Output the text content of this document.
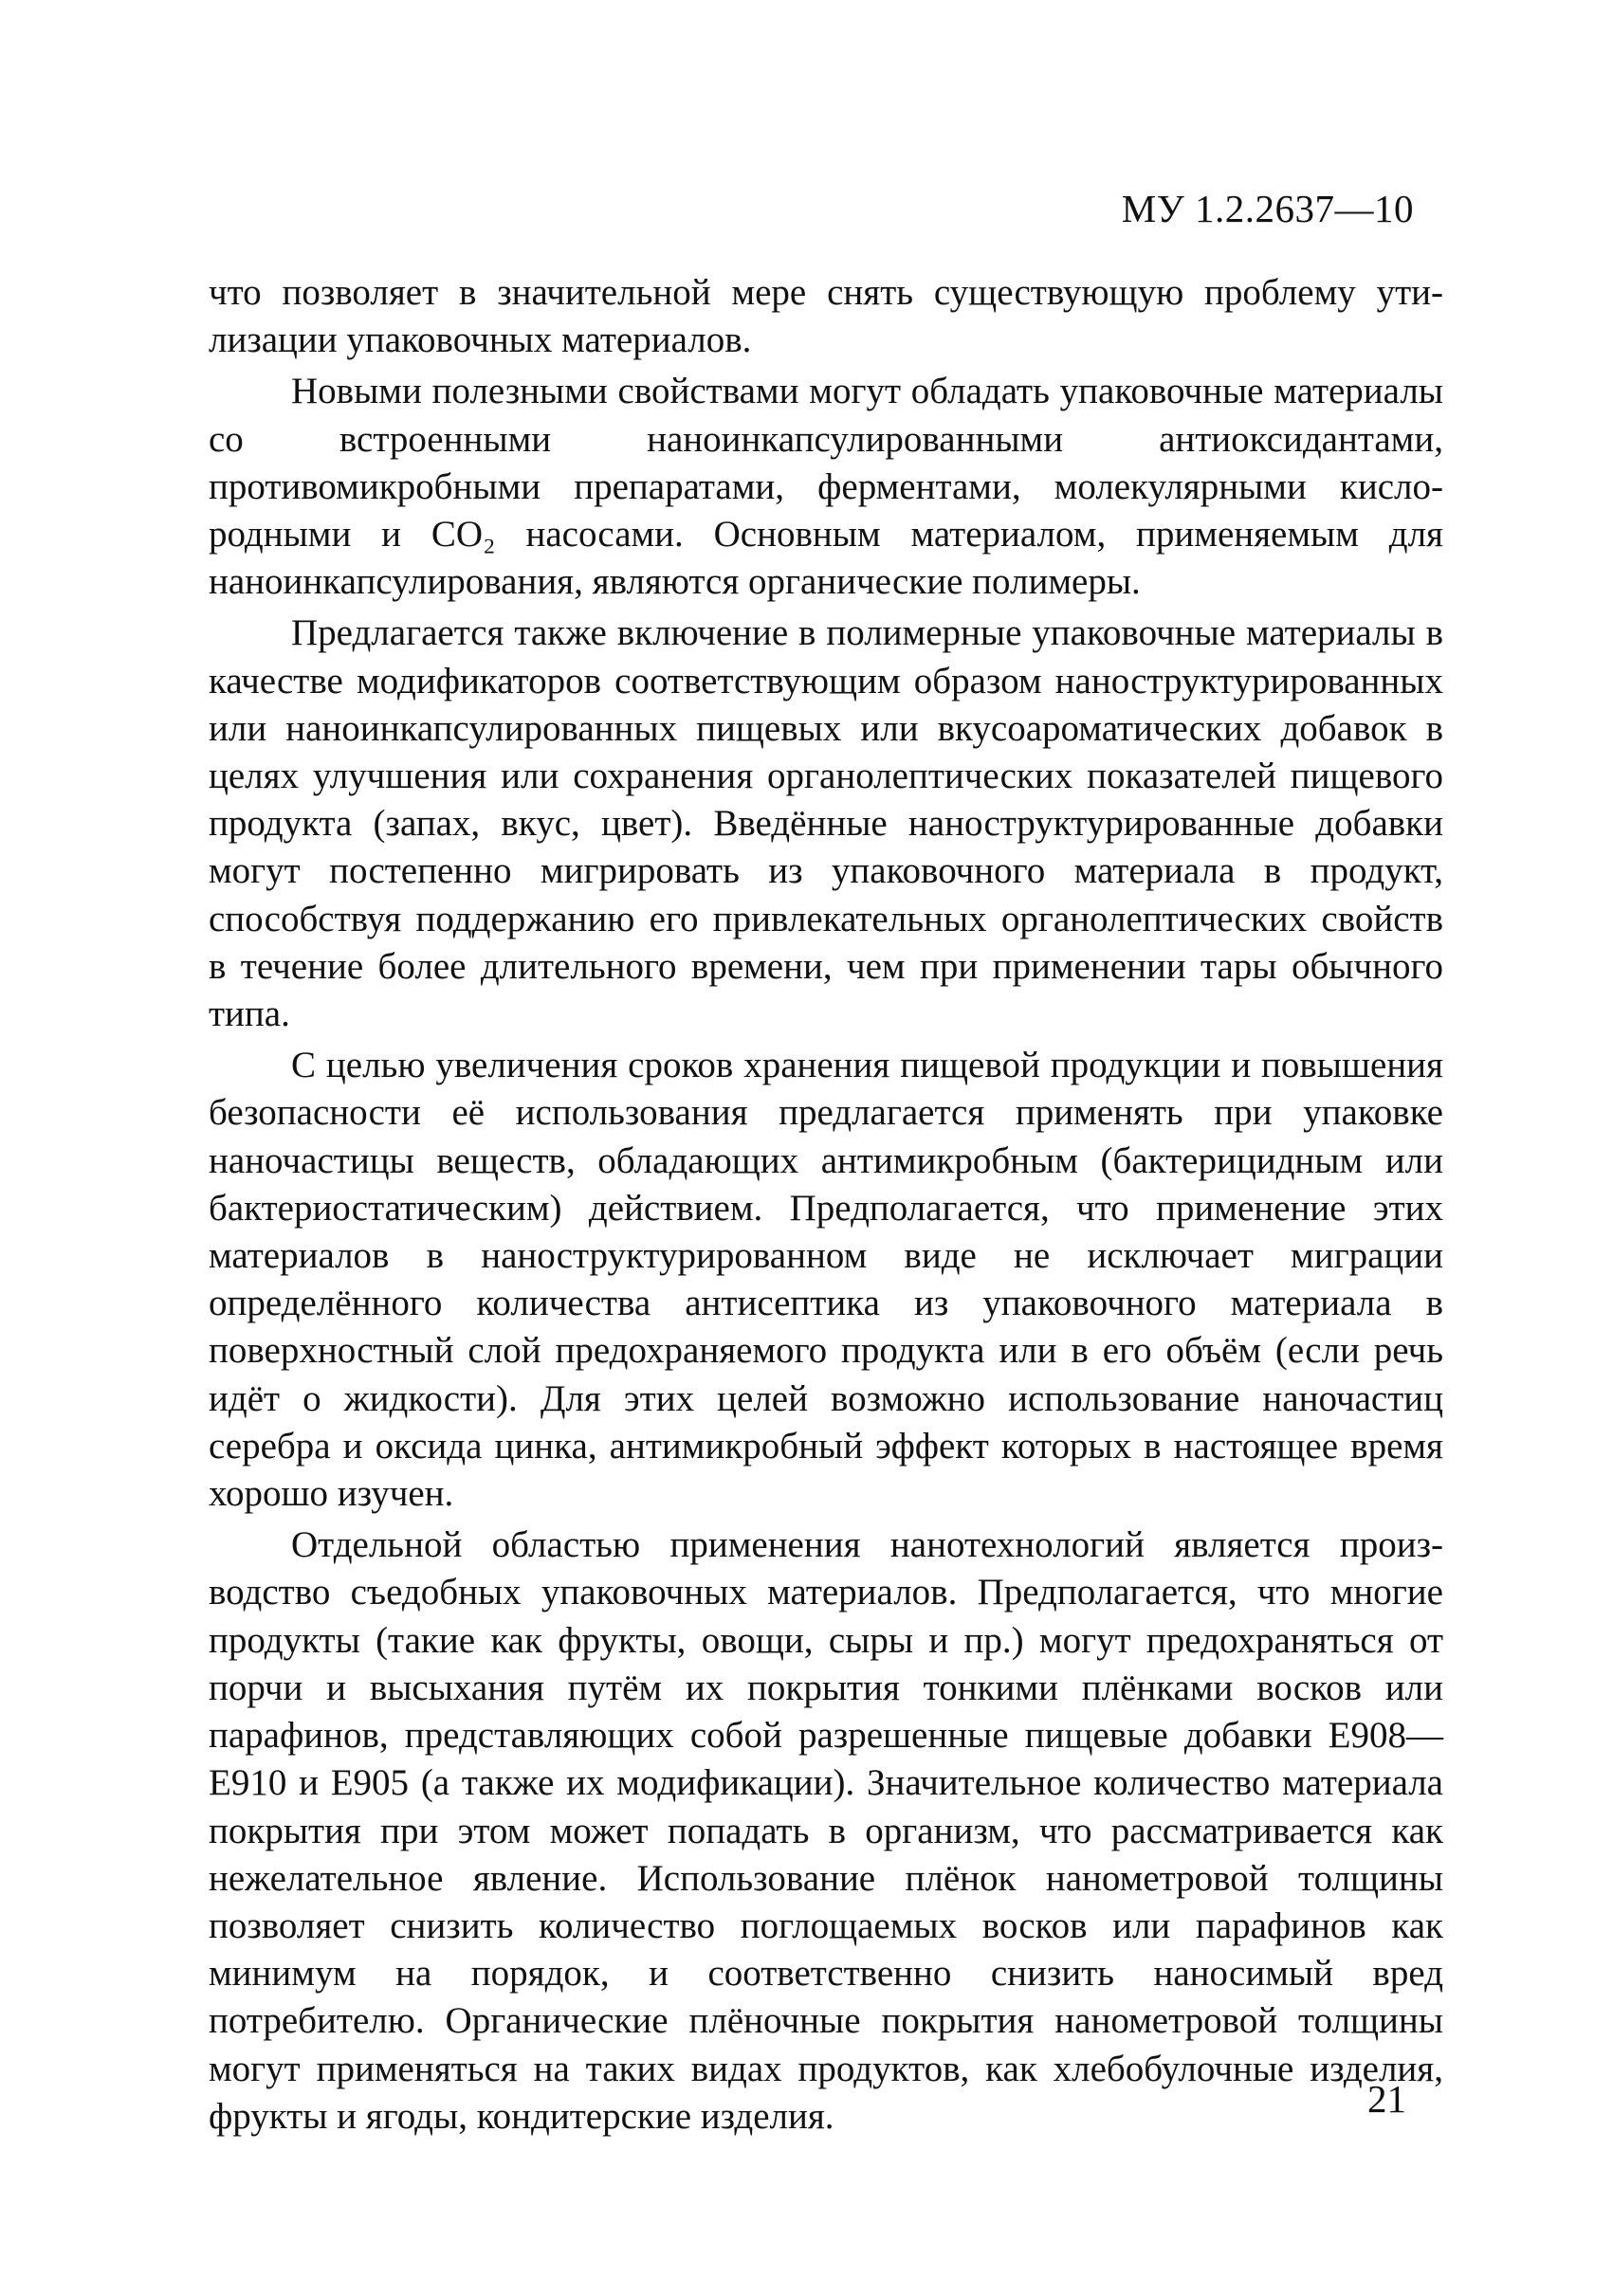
МУ 1.2.2637—10

что позволяет в значительной мере снять существующую проблему утилизации упаковочных материалов.

Новыми полезными свойствами могут обладать упаковочные материалы со встроенными наноинкапсулированными антиоксидантами, противомикробными препаратами, ферментами, молекулярными кислородными и CO₂ насосами. Основным материалом, применяемым для наноинкапсулирования, являются органические полимеры.

Предлагается также включение в полимерные упаковочные материалы в качестве модификаторов соответствующим образом наноструктурированных или наноинкапсулированных пищевых или вкусоароматических добавок в целях улучшения или сохранения органолептических показателей пищевого продукта (запах, вкус, цвет). Введённые наноструктурированные добавки могут постепенно мигрировать из упаковочного материала в продукт, способствуя поддержанию его привлекательных органолептических свойств в течение более длительного времени, чем при применении тары обычного типа.

С целью увеличения сроков хранения пищевой продукции и повышения безопасности её использования предлагается применять при упаковке наночастицы веществ, обладающих антимикробным (бактерицидным или бактериостатическим) действием. Предполагается, что применение этих материалов в наноструктурированном виде не исключает миграции определённого количества антисептика из упаковочного материала в поверхностный слой предохраняемого продукта или в его объём (если речь идёт о жидкости). Для этих целей возможно использование наночастиц серебра и оксида цинка, антимикробный эффект которых в настоящее время хорошо изучен.

Отдельной областью применения нанотехнологий является производство съедобных упаковочных материалов. Предполагается, что многие продукты (такие как фрукты, овощи, сыры и пр.) могут предохраняться от порчи и высыхания путём их покрытия тонкими плёнками восков или парафинов, представляющих собой разрешенные пищевые добавки Е908—Е910 и Е905 (а также их модификации). Значительное количество материала покрытия при этом может попадать в организм, что рассматривается как нежелательное явление. Использование плёнок нанометровой толщины позволяет снизить количество поглощаемых восков или парафинов как минимум на порядок, и соответственно снизить наносимый вред потребителю. Органические плёночные покрытия нанометровой толщины могут применяться на таких видах продуктов, как хлебобулочные изделия, фрукты и ягоды, кондитерские изделия.	21
